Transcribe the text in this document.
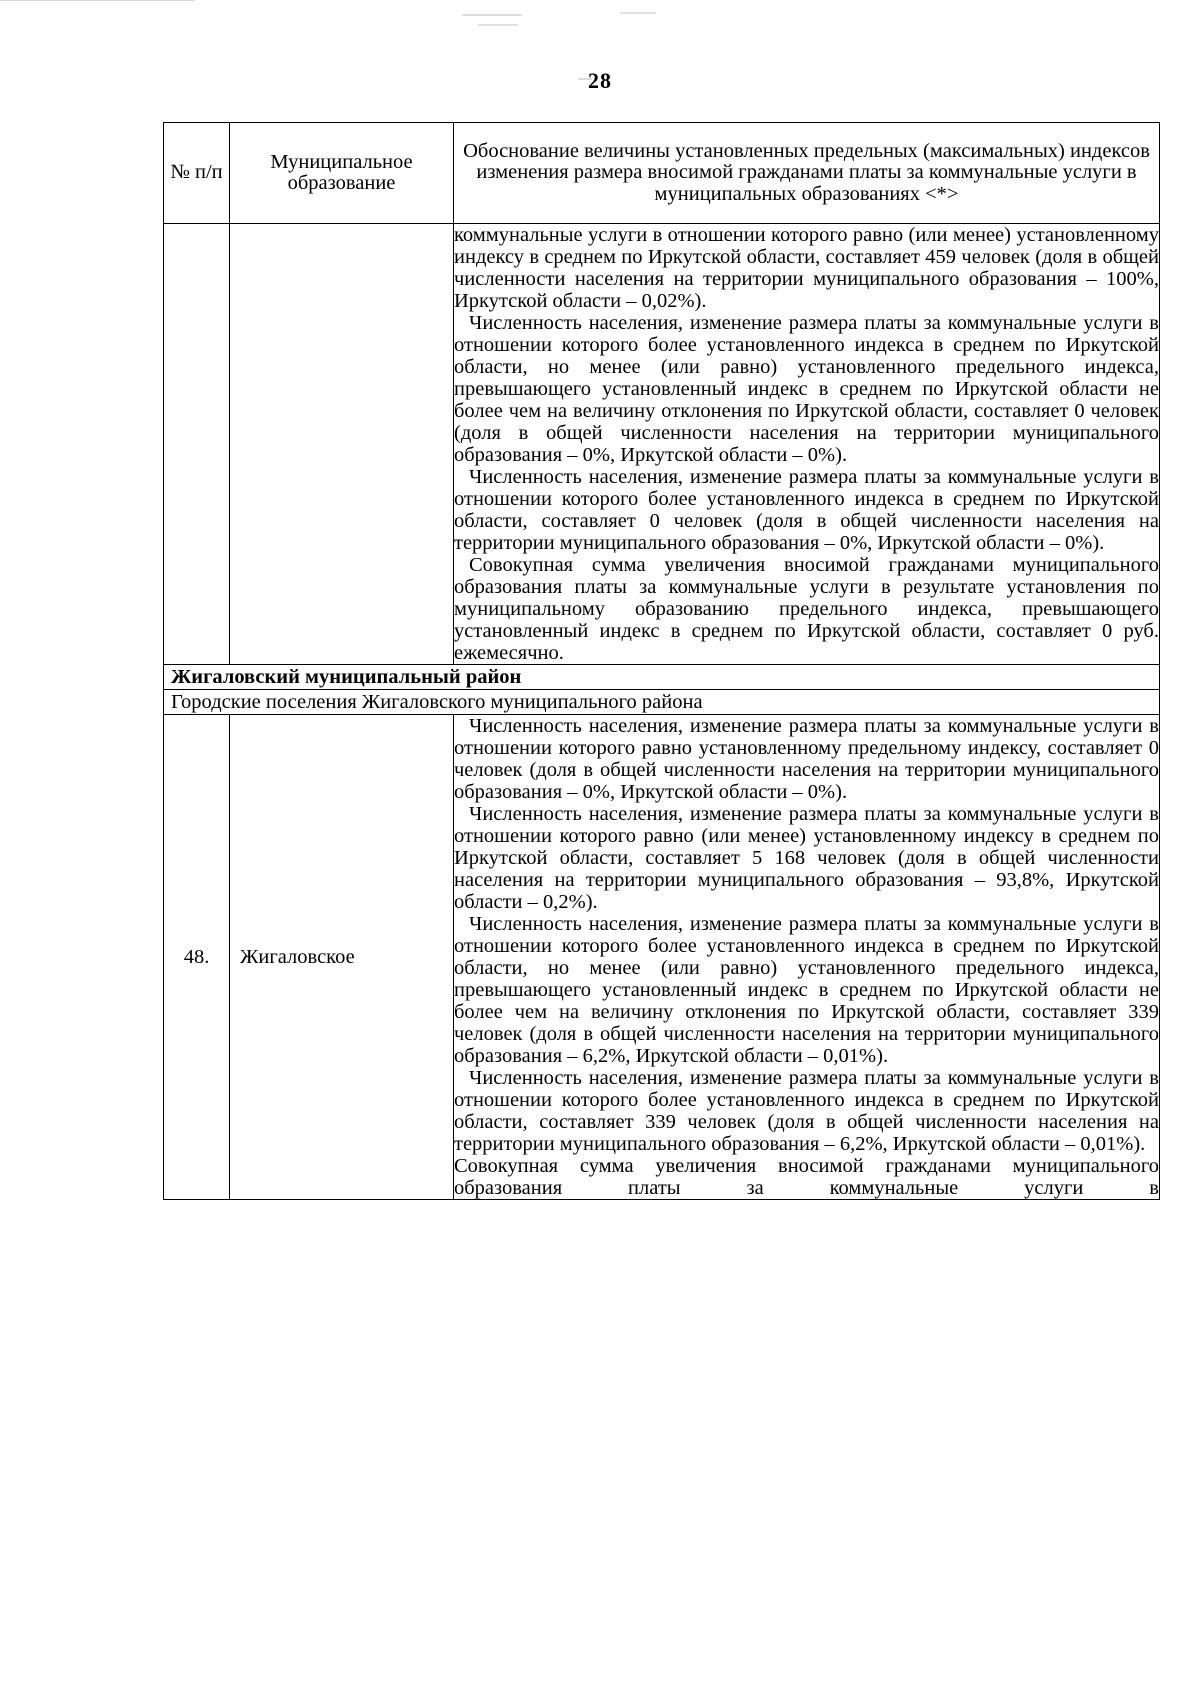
28
№ п/п	Муниципальное образование	Обоснование величины установленных предельных (максимальных) индексов изменения размера вносимой гражданами платы за коммунальные услуги в муниципальных образованиях <*>

		коммунальные услуги в отношении которого равно (или менее) установленному индексу в среднем по Иркутской области, составляет 459 человек (доля в общей численности населения на территории муниципального образования – 100%, Иркутской области – 0,02%).

Численность населения, изменение размера платы за коммунальные услуги в отношении которого более установленного индекса в среднем по Иркутской области, но менее (или равно) установленного предельного индекса, превышающего установленный индекс в среднем по Иркутской области не более чем на величину отклонения по Иркутской области, составляет 0 человек (доля в общей численности населения на территории муниципального образования – 0%, Иркутской области – 0%).

Численность населения, изменение размера платы за коммунальные услуги в отношении которого более установленного индекса в среднем по Иркутской области, составляет 0 человек (доля в общей численности населения на территории муниципального образования – 0%, Иркутской области – 0%).

Совокупная сумма увеличения вносимой гражданами муниципального образования платы за коммунальные услуги в результате установления по муниципальному образованию предельного индекса, превышающего установленный индекс в среднем по Иркутской области, составляет 0 руб. ежемесячно.

Жигаловский муниципальный район		
Городские поселения Жигаловского муниципального района		
48.	Жигаловское	Численность населения, изменение размера платы за коммунальные услуги в отношении которого равно установленному предельному индексу, составляет 0 человек (доля в общей численности населения на территории муниципального образования – 0%, Иркутской области – 0%).

Численность населения, изменение размера платы за коммунальные услуги в отношении которого равно (или менее) установленному индексу в среднем по Иркутской области, составляет 5 168 человек (доля в общей численности населения на территории муниципального образования – 93,8%, Иркутской области – 0,2%).

Численность населения, изменение размера платы за коммунальные услуги в отношении которого более установленного индекса в среднем по Иркутской области, но менее (или равно) установленного предельного индекса, превышающего установленный индекс в среднем по Иркутской области не более чем на величину отклонения по Иркутской области, составляет 339 человек (доля в общей численности населения на территории муниципального образования – 6,2%, Иркутской области – 0,01%).

Численность населения, изменение размера платы за коммунальные услуги в отношении которого более установленного индекса в среднем по Иркутской области, составляет 339 человек (доля в общей численности населения на территории муниципального образования – 6,2%, Иркутской области – 0,01%).

Совокупная сумма увеличения вносимой гражданами муниципального образования платы за коммунальные услуги в
